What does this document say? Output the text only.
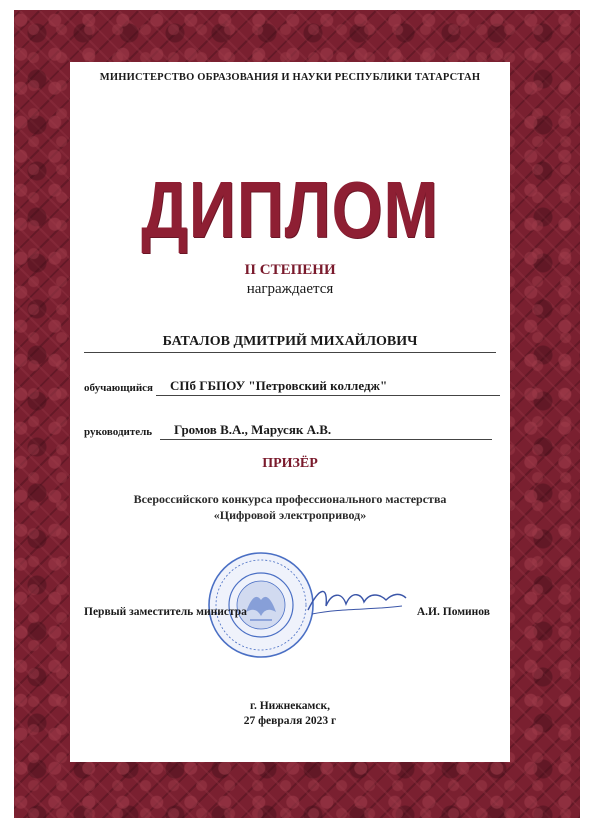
МИНИСТЕРСТВО ОБРАЗОВАНИЯ И НАУКИ РЕСПУБЛИКИ ТАТАРСТАН
ДИПЛОМ
II СТЕПЕНИ
награждается
БАТАЛОВ ДМИТРИЙ МИХАЙЛОВИЧ
обучающийся	СПб ГБПОУ "Петровский колледж"
руководитель	Громов В.А., Марусяк А.В.
ПРИЗЁР
Всероссийского конкурса профессионального мастерства
«Цифровой электропривод»
Первый заместитель министра	А.И. Поминов
г. Нижнекамск,
27 февраля 2023 г
